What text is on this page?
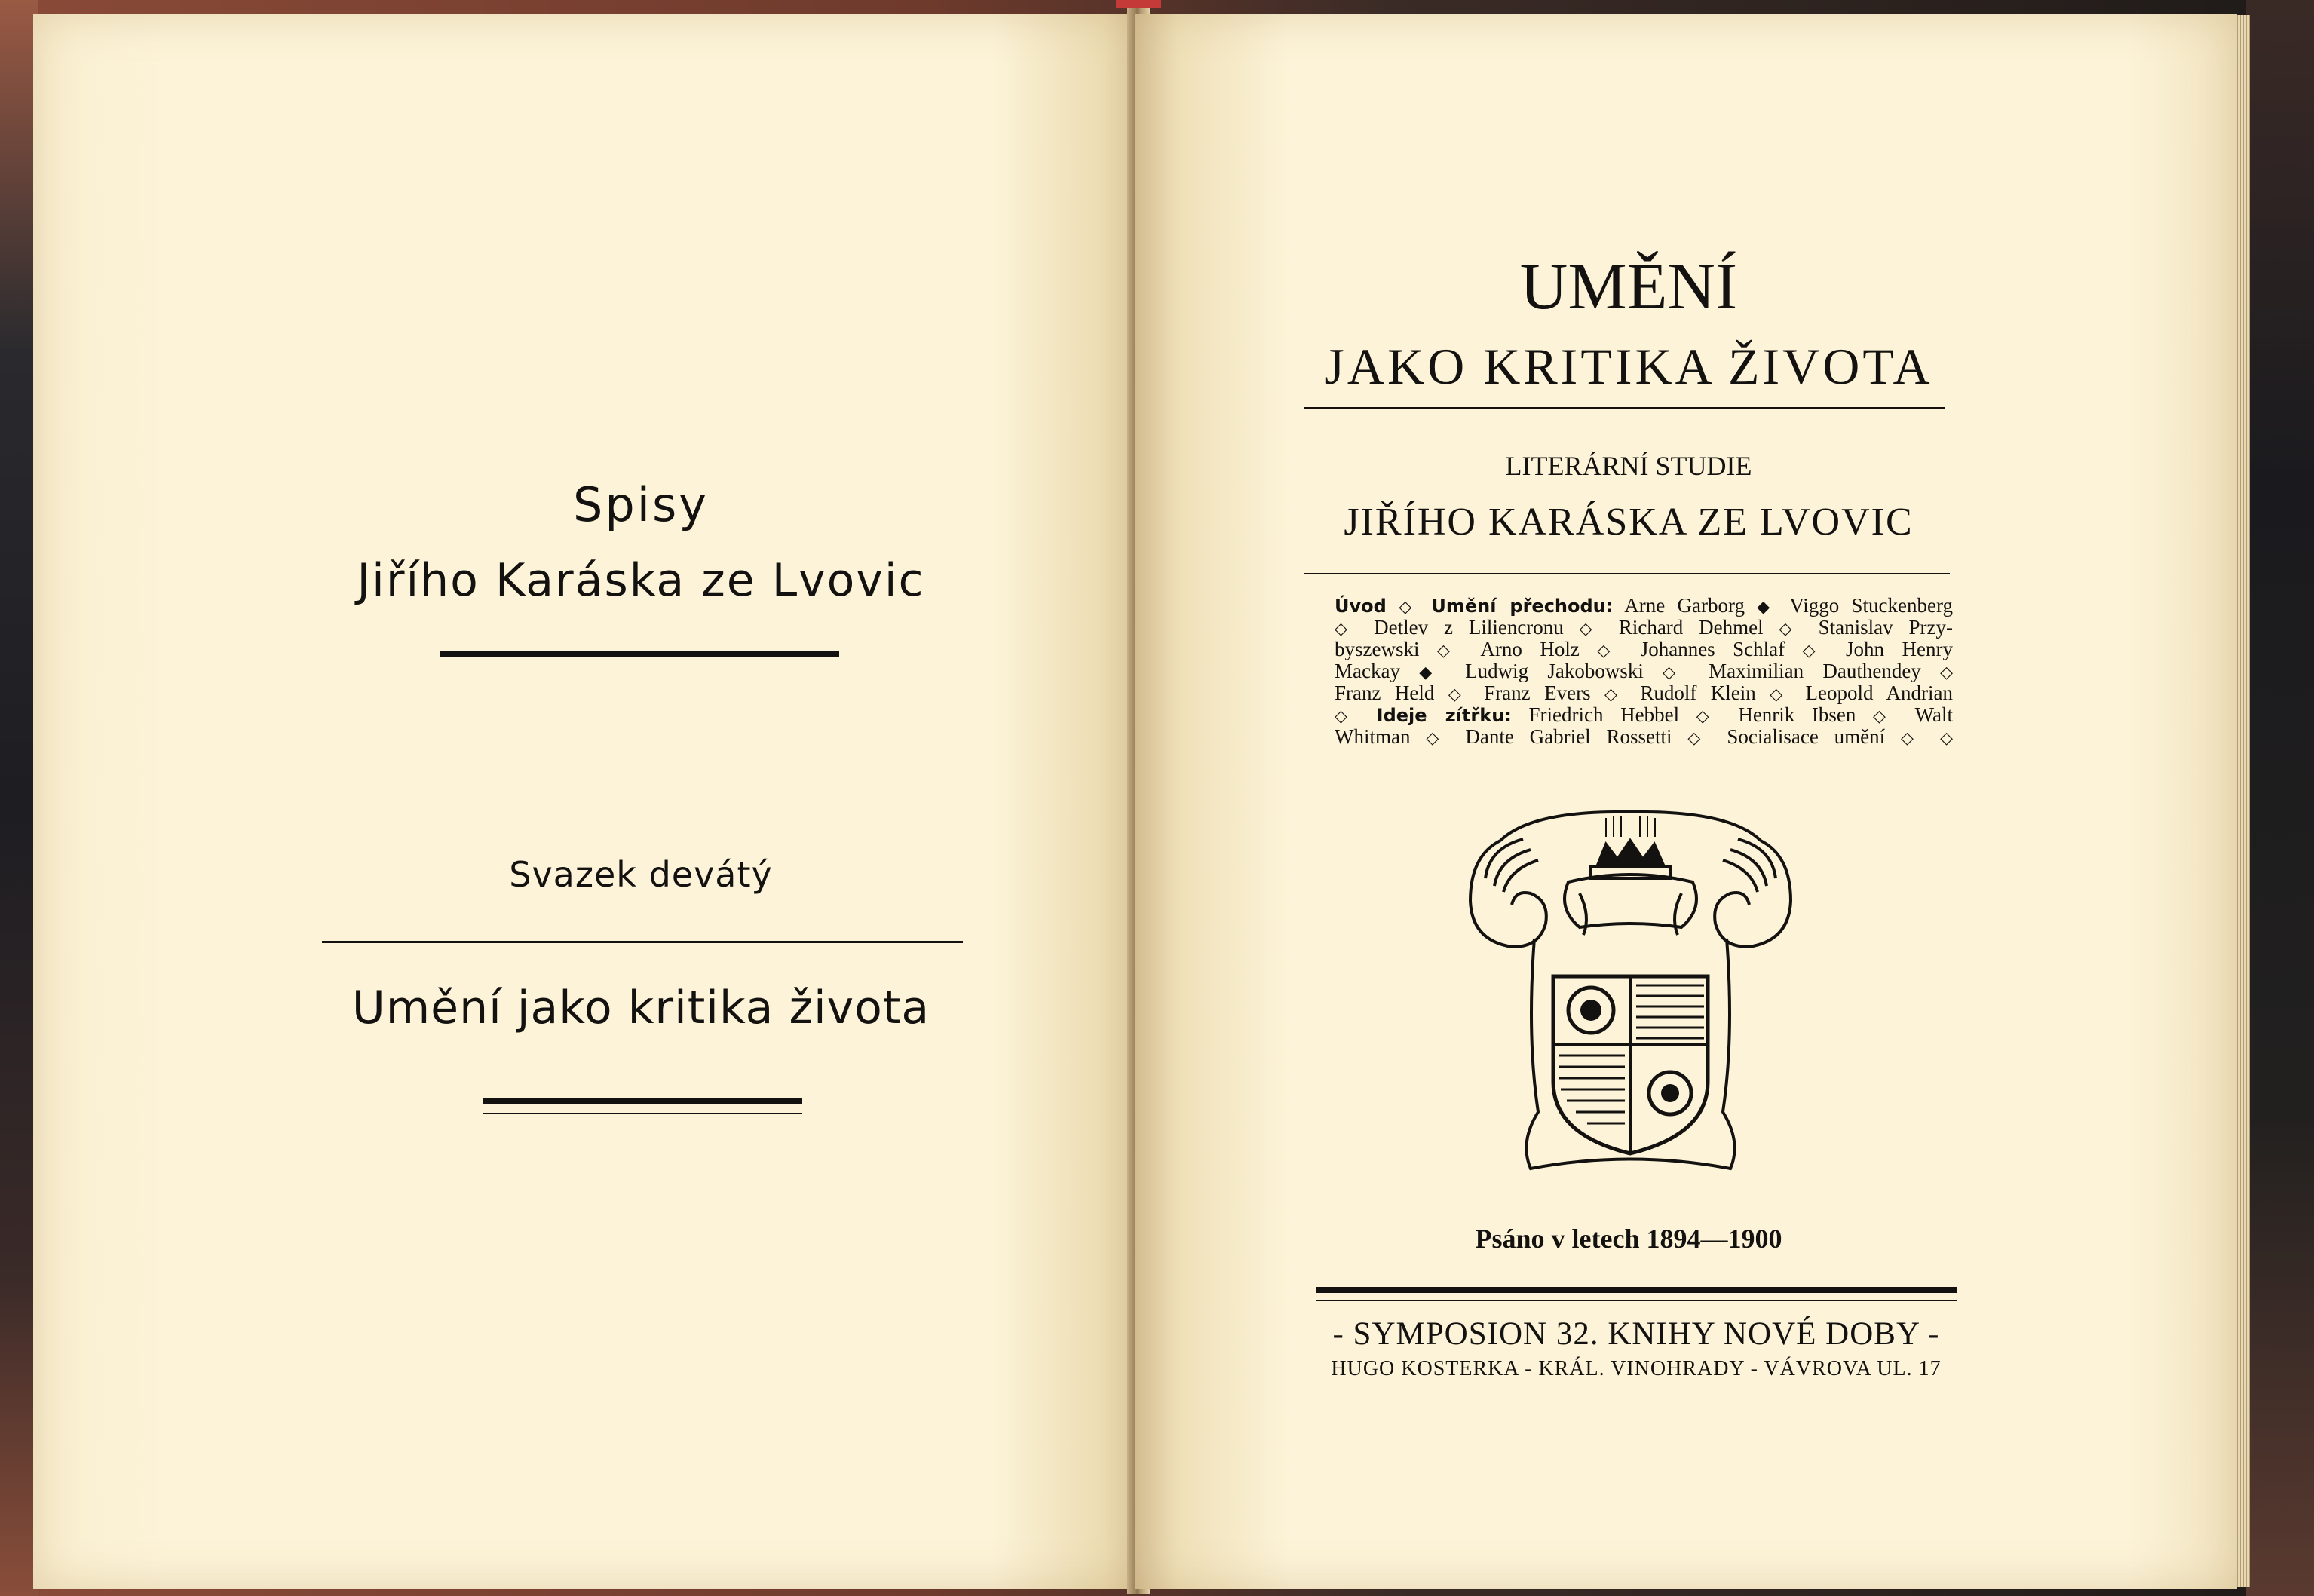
Spisy
Jiřího Karáska ze Lvovic
Svazek devátý
Umění jako kritika života
UMĚNÍ
JAKO KRITIKA ŽIVOTA
LITERÁRNÍ STUDIE
JIŘÍHO KARÁSKA ZE LVOVIC
Úvod ◇ Umění přechodu: Arne Garborg ◆ Viggo Stuckenberg
◇ Detlev z Liliencronu ◇ Richard Dehmel ◇ Stanislav Przy-
byszewski ◇ Arno Holz ◇ Johannes Schlaf ◇ John Henry
Mackay ◆ Ludwig Jakobowski ◇ Maximilian Dauthendey ◇
Franz Held ◇ Franz Evers ◇ Rudolf Klein ◇ Leopold Andrian
◇ Ideje zítřku: Friedrich Hebbel ◇ Henrik Ibsen ◇ Walt
Whitman ◇ Dante Gabriel Rossetti ◇ Socialisace umění ◇ ◇
Psáno v letech 1894—1900
- SYMPOSION 32. KNIHY NOVÉ DOBY -
HUGO KOSTERKA - KRÁL. VINOHRADY - VÁVROVA UL. 17
